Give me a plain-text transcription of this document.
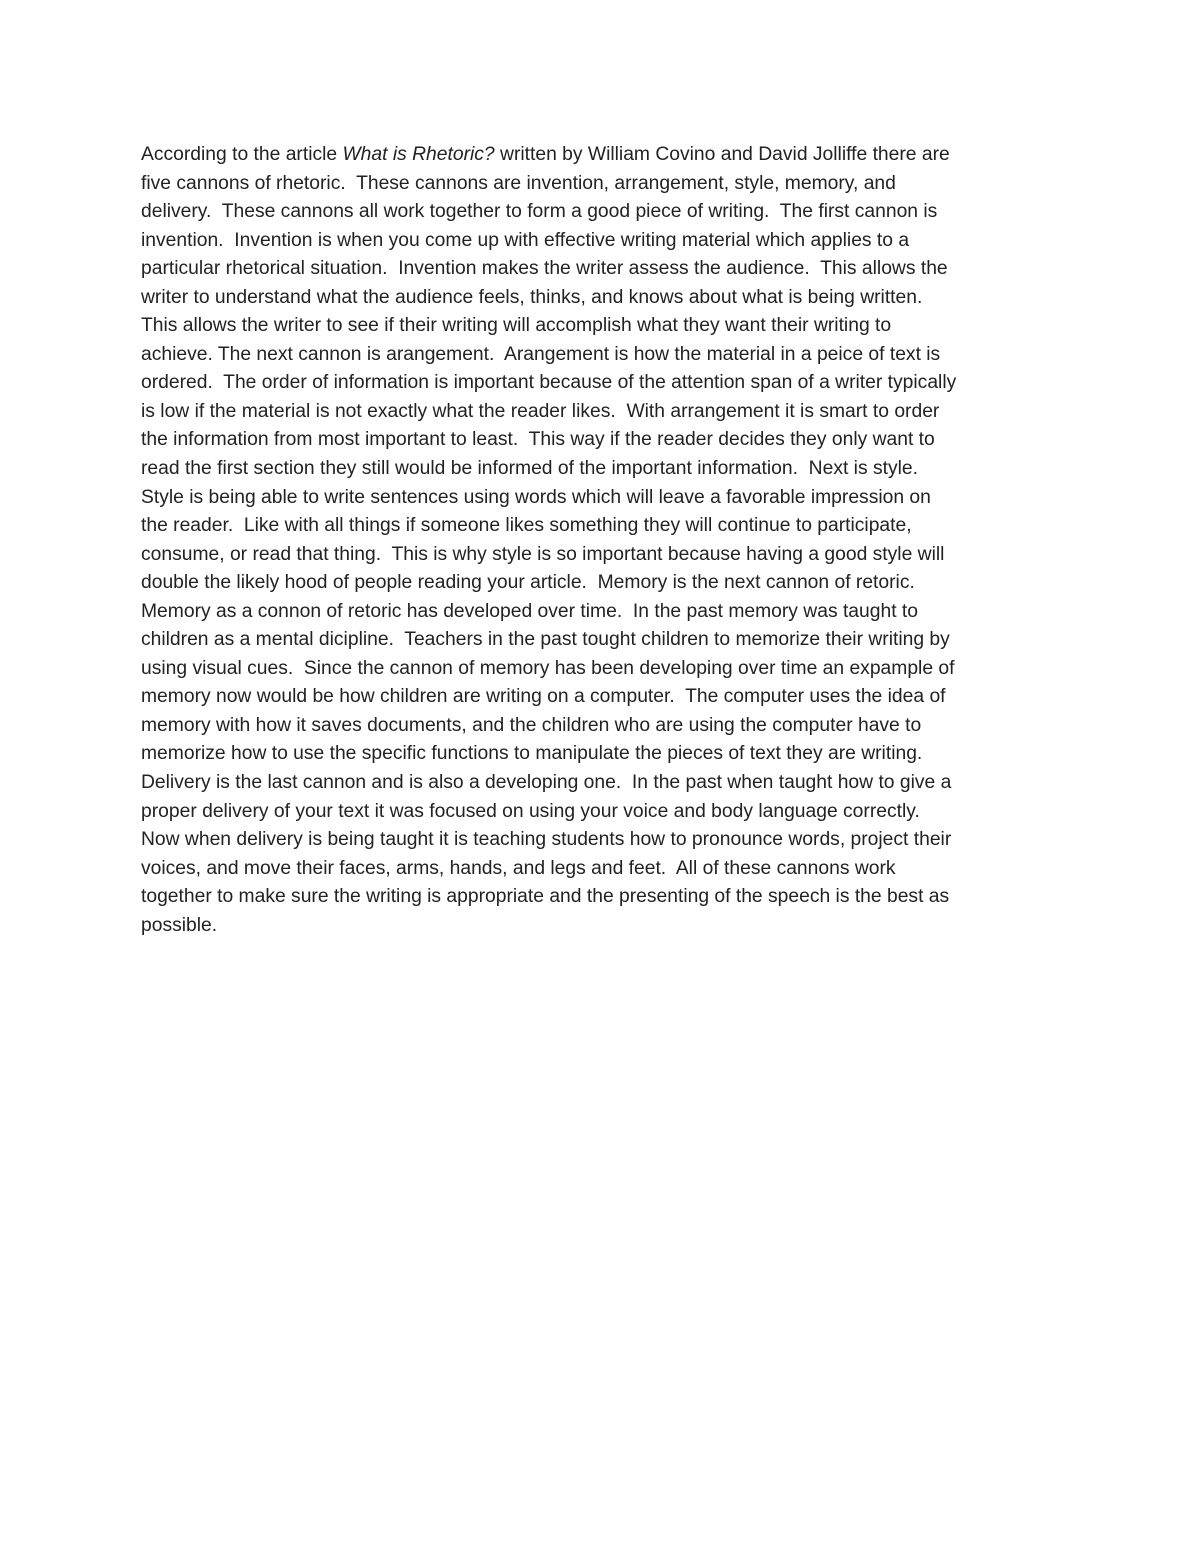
According to the article What is Rhetoric? written by William Covino and David Jolliffe there are
five cannons of rhetoric.  These cannons are invention, arrangement, style, memory, and
delivery.  These cannons all work together to form a good piece of writing.  The first cannon is
invention.  Invention is when you come up with effective writing material which applies to a
particular rhetorical situation.  Invention makes the writer assess the audience.  This allows the
writer to understand what the audience feels, thinks, and knows about what is being written.
This allows the writer to see if their writing will accomplish what they want their writing to
achieve. The next cannon is arangement.  Arangement is how the material in a peice of text is
ordered.  The order of information is important because of the attention span of a writer typically
is low if the material is not exactly what the reader likes.  With arrangement it is smart to order
the information from most important to least.  This way if the reader decides they only want to
read the first section they still would be informed of the important information.  Next is style.
Style is being able to write sentences using words which will leave a favorable impression on
the reader.  Like with all things if someone likes something they will continue to participate,
consume, or read that thing.  This is why style is so important because having a good style will
double the likely hood of people reading your article.  Memory is the next cannon of retoric.
Memory as a connon of retoric has developed over time.  In the past memory was taught to
children as a mental dicipline.  Teachers in the past tought children to memorize their writing by
using visual cues.  Since the cannon of memory has been developing over time an expample of
memory now would be how children are writing on a computer.  The computer uses the idea of
memory with how it saves documents, and the children who are using the computer have to
memorize how to use the specific functions to manipulate the pieces of text they are writing.
Delivery is the last cannon and is also a developing one.  In the past when taught how to give a
proper delivery of your text it was focused on using your voice and body language correctly.
Now when delivery is being taught it is teaching students how to pronounce words, project their
voices, and move their faces, arms, hands, and legs and feet.  All of these cannons work
together to make sure the writing is appropriate and the presenting of the speech is the best as
possible.
